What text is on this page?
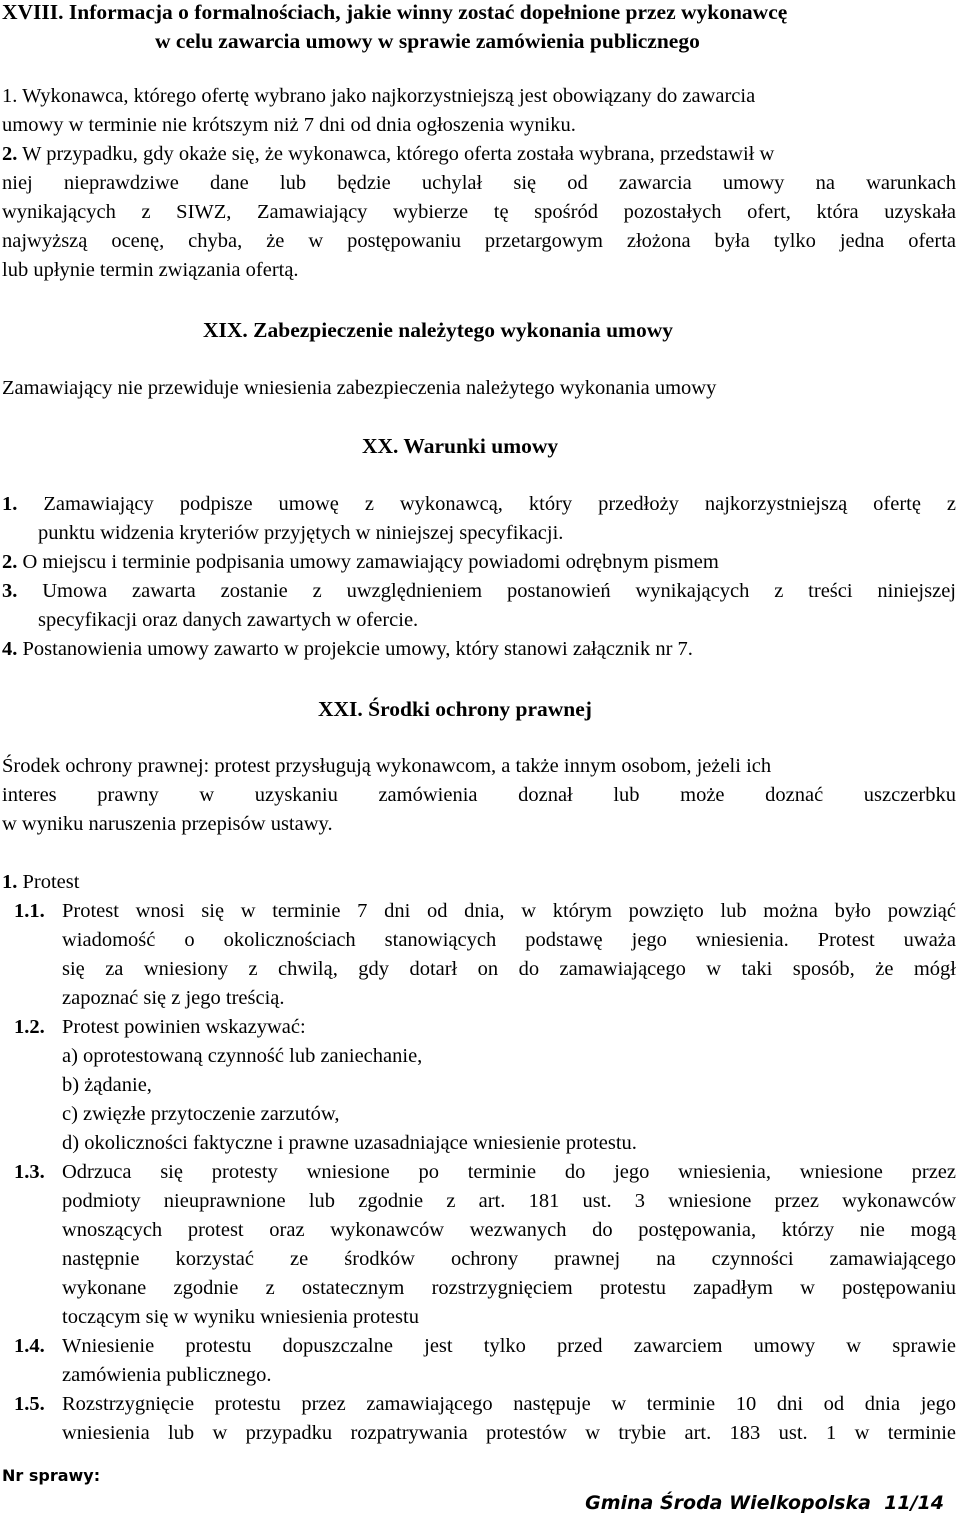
XVIII. Informacja o formalnościach, jakie winny zostać dopełnione przez wykonawcę
w celu zawarcia umowy w sprawie zamówienia publicznego
1. Wykonawca, którego ofertę wybrano jako najkorzystniejszą jest obowiązany do zawarcia
umowy w terminie nie krótszym niż 7 dni od dnia ogłoszenia wyniku.
2. W przypadku, gdy okaże się, że wykonawca, którego oferta została wybrana, przedstawił w
niej nieprawdziwe dane lub będzie uchylał się od zawarcia umowy na warunkach
wynikających z SIWZ, Zamawiający wybierze tę spośród pozostałych ofert, która uzyskała
najwyższą ocenę, chyba, że w postępowaniu przetargowym złożona była tylko jedna oferta
lub upłynie termin związania ofertą.
XIX. Zabezpieczenie należytego wykonania umowy
Zamawiający nie przewiduje wniesienia zabezpieczenia należytego wykonania umowy
XX. Warunki umowy
1. Zamawiający podpisze umowę z wykonawcą, który przedłoży najkorzystniejszą ofertę z
punktu widzenia kryteriów przyjętych w niniejszej specyfikacji.
2. O miejscu i terminie podpisania umowy zamawiający powiadomi odrębnym pismem
3. Umowa zawarta zostanie z uwzględnieniem postanowień wynikających z treści niniejszej
specyfikacji oraz danych zawartych w ofercie.
4. Postanowienia umowy zawarto w projekcie umowy, który stanowi załącznik nr 7.
XXI. Środki ochrony prawnej
Środek ochrony prawnej: protest przysługują wykonawcom, a także innym osobom, jeżeli ich
interes prawny w uzyskaniu zamówienia doznał lub może doznać uszczerbku
w wyniku naruszenia przepisów ustawy.
1. Protest
1.1. Protest wnosi się w terminie 7 dni od dnia, w którym powzięto lub można było powziąć
wiadomość o okolicznościach stanowiących podstawę jego wniesienia. Protest uważa
się za wniesiony z chwilą, gdy dotarł on do zamawiającego w taki sposób, że mógł
zapoznać się z jego treścią.
1.2. Protest powinien wskazywać:
a) oprotestowaną czynność lub zaniechanie,
b) żądanie,
c) zwięzłe przytoczenie zarzutów,
d) okoliczności faktyczne i prawne uzasadniające wniesienie protestu.
1.3. Odrzuca się protesty wniesione po terminie do jego wniesienia, wniesione przez
podmioty nieuprawnione lub zgodnie z art. 181 ust. 3 wniesione przez wykonawców
wnoszących protest oraz wykonawców wezwanych do postępowania, którzy nie mogą
następnie korzystać ze środków ochrony prawnej na czynności zamawiającego
wykonane zgodnie z ostatecznym rozstrzygnięciem protestu zapadłym w postępowaniu
toczącym się w wyniku wniesienia protestu
1.4. Wniesienie protestu dopuszczalne jest tylko przed zawarciem umowy w sprawie
zamówienia publicznego.
1.5. Rozstrzygnięcie protestu przez zamawiającego następuje w terminie 10 dni od dnia jego
wniesienia lub w przypadku rozpatrywania protestów w trybie art. 183 ust. 1 w terminie
Nr sprawy:
Gmina Środa Wielkopolska 11/14
